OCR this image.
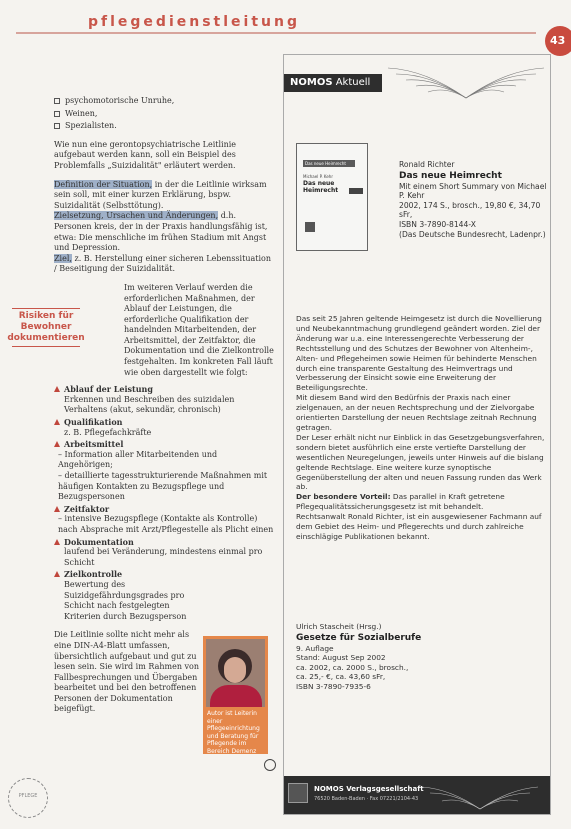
pflegedienstleitung
43
Risiken für
Bewohner
dokumentieren
psychomotorische Unruhe,
Weinen,
Spezialisten.

Wie nun eine gerontopsychiatrische Leitlinie aufgebaut werden kann, soll ein Beispiel des Problemfalls „Suizidalität" erläutert werden.

Definition der Situation, in der die Leitlinie wirksam sein soll, mit einer kurzen Erklärung, bspw. Suizidalität (Selbsttötung).

Zielsetzung, Ursachen und Änderungen, d.h. Personen kreis, der in der Praxis handlungsfähig ist, etwa: Die menschliche im frühen Stadium mit Angst und Depression.

Ziel, z. B. Herstellung einer sicheren Lebenssituation / Beseitigung der Suizidalität.

Im weiteren Verlauf werden die erforderlichen Maßnahmen, der Ablauf der Leistungen, die erforderliche Qualifikation der handelnden Mitarbeitenden, der Arbeitsmittel, der Zeitfaktor, die Dokumentation und die Zielkontrolle festgehalten. Im konkreten Fall läuft wie oben dargestellt wie folgt:

Ablauf der Leistung
Erkennen und Beschreiben des suizidalen Verhaltens (akut, sekundär, chronisch)
Qualifikation
z. B. Pflegefachkräfte
Arbeitsmittel
– Information aller Mitarbeitenden und Angehörigen;
– detaillierte tagesstrukturierende Maßnahmen mit häufigen Kontakten zu Bezugspflege und Bezugspersonen
Zeitfaktor
– intensive Bezugspflege (Kontakte als Kontrolle) nach Absprache mit Arzt/Pflegestelle als Plicht einen
Dokumentation
laufend bei Veränderung, mindestens einmal pro Schicht
Zielkontrolle
Bewertung des Suizidgefährdungsgrades pro Schicht nach festgelegten Kriterien durch Bezugsperson

Die Leitlinie sollte nicht mehr als eine DIN-A4-Blatt umfassen, übersichtlich aufgebaut und gut zu lesen sein. Sie wird im Rahmen von Fallbesprechungen und Übergaben bearbeitet und bei den betroffenen Personen der Dokumentation beigefügt.

Autor ist Leiterin einer Pflegeeinrichtung und Beratung für Pflegende im Bereich Demenz
PFLEGE
NOMOS Aktuell
Das neue Heimrecht
Michael P. Kehr
Das neue Heimrecht
Ronald Richter
Das neue Heimrecht
Mit einem Short Summary von Michael P. Kehr
2002, 174 S., brosch., 19,80 €, 34,70 sFr,
ISBN 3-7890-8144-X
(Das Deutsche Bundesrecht, Ladenpr.)

Das seit 25 Jahren geltende Heimgesetz ist durch die Novellierung und Neubekanntmachung grundlegend geändert worden. Ziel der Änderung war u.a. eine Interessengerechte Verbesserung der Rechtsstellung und des Schutzes der Bewohner von Altenheim-, Alten- und Pflegeheimen sowie Heimen für behinderte Menschen durch eine transparente Gestaltung des Heimvertrags und Verbesserung der Einsicht sowie eine Erweiterung der Beteiligungsrechte.

Mit diesem Band wird den Bedürfnis der Praxis nach einer zielgenauen, an der neuen Rechtsprechung und der Zielvorgabe orientierten Darstellung der neuen Rechtslage zeitnah Rechnung getragen.

Der Leser erhält nicht nur Einblick in das Gesetzgebungsverfahren, sondern bietet ausführlich eine erste vertiefte Darstellung der wesentlichen Neuregelungen, jeweils unter Hinweis auf die bislang geltende Rechtslage. Eine weitere kurze synoptische Gegenüberstellung der alten und neuen Fassung runden das Werk ab.

Der besondere Vorteil: Das parallel in Kraft getretene Pflegequalitätssicherungsgesetz ist mit behandelt.

Rechtsanwalt Ronald Richter, ist ein ausgewiesener Fachmann auf dem Gebiet des Heim- und Pflegerechts und durch zahlreiche einschlägige Publikationen bekannt.

Ulrich Stascheit (Hrsg.)
Gesetze für Sozialberufe
9. Auflage
Stand: August Sep 2002
ca. 2002, ca. 2000 S., brosch.,
ca. 25,- €, ca. 43,60 sFr,
ISBN 3-7890-7935-6
NOMOS Verlagsgesellschaft
76520 Baden-Baden · Fax 07221/2104-43
